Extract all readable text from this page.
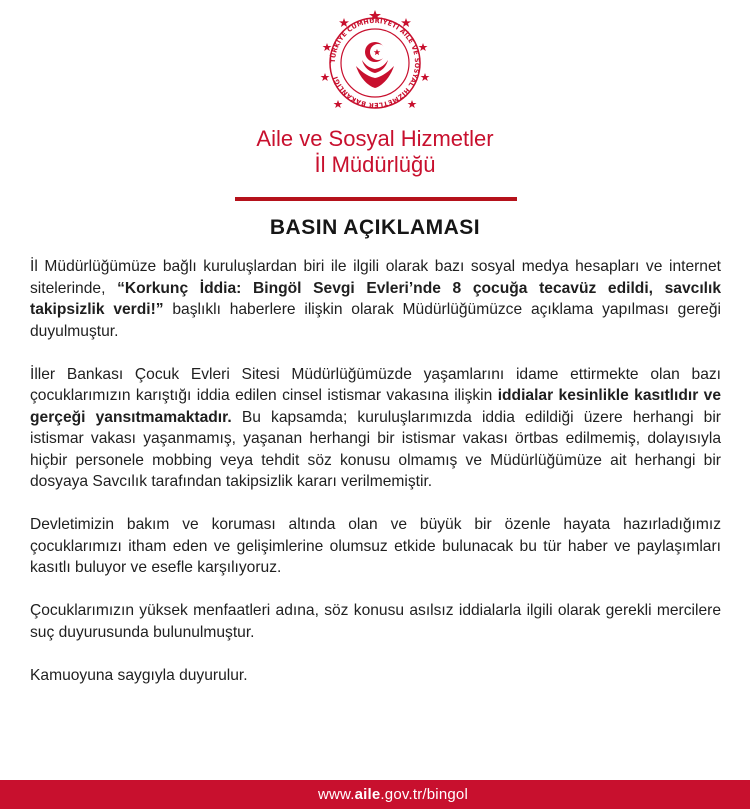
TÜRKİYE CUMHURİYETİ AİLE VE SOSYAL HİZMETLER BAKANLIĞI
Aile ve Sosyal Hizmetler
İl Müdürlüğü
BASIN AÇIKLAMASI

İl Müdürlüğümüze bağlı kuruluşlardan biri ile ilgili olarak bazı sosyal medya hesapları ve internet sitelerinde, “Korkunç İddia: Bingöl Sevgi Evleri’nde 8 çocuğa tecavüz edildi, savcılık takipsizlik verdi!” başlıklı haberlere ilişkin olarak Müdürlüğümüzce açıklama yapılması gereği duyulmuştur.

İller Bankası Çocuk Evleri Sitesi Müdürlüğümüzde yaşamlarını idame ettirmekte olan bazı çocuklarımızın karıştığı iddia edilen cinsel istismar vakasına ilişkin iddialar kesinlikle kasıtlıdır ve gerçeği yansıtmamaktadır. Bu kapsamda; kuruluşlarımızda iddia edildiği üzere herhangi bir istismar vakası yaşanmamış, yaşanan herhangi bir istismar vakası örtbas edilmemiş, dolayısıyla hiçbir personele mobbing veya tehdit söz konusu olmamış ve Müdürlüğümüze ait herhangi bir dosyaya Savcılık tarafından takipsizlik kararı verilmemiştir.

Devletimizin bakım ve koruması altında olan ve büyük bir özenle hayata hazırladığımız çocuklarımızı itham eden ve gelişimlerine olumsuz etkide bulunacak bu tür haber ve paylaşımları kasıtlı buluyor ve esefle karşılıyoruz.

Çocuklarımızın yüksek menfaatleri adına, söz konusu asılsız iddialarla ilgili olarak gerekli mercilere suç duyurusunda bulunulmuştur.

Kamuoyuna saygıyla duyurulur.

www.aile.gov.tr/bingol
